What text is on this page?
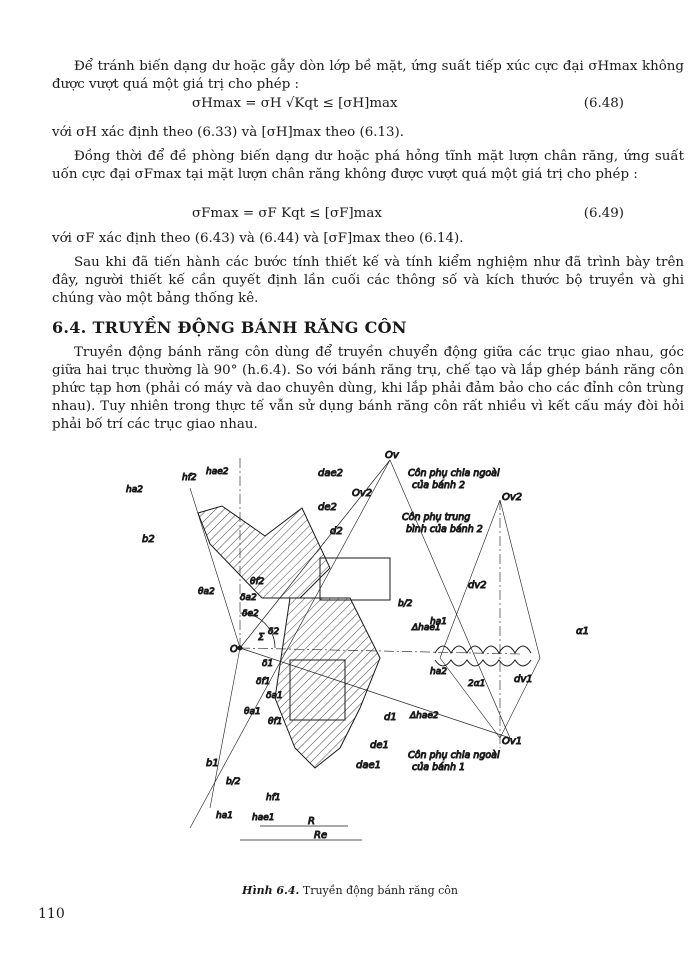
Để tránh biến dạng dư hoặc gẫy dòn lớp bề mặt, ứng suất tiếp xúc cực đại σHmax không được vượt quá một giá trị cho phép :

σHmax = σH √Kqt ≤ [σH]max	(6.48)

với σH xác định theo (6.33) và [σH]max theo (6.13).

Đồng thời để đề phòng biến dạng dư hoặc phá hỏng tĩnh mặt lượn chân răng, ứng suất uốn cực đại σFmax tại mặt lượn chân răng không được vượt quá một giá trị cho phép :

σFmax = σF Kqt ≤ [σF]max	(6.49)

với σF xác định theo (6.43) và (6.44) và [σF]max theo (6.14).

Sau khi đã tiến hành các bước tính thiết kế và tính kiểm nghiệm như đã trình bày trên đây, người thiết kế cần quyết định lần cuối các thông số và kích thước bộ truyền và ghi chúng vào một bảng thống kê.

6.4. TRUYỀN ĐỘNG BÁNH RĂNG CÔN

Truyền động bánh răng côn dùng để truyền chuyển động giữa các trục giao nhau, góc giữa hai trục thường là 90° (h.6.4). So với bánh răng trụ, chế tạo và lắp ghép bánh răng côn phức tạp hơn (phải có máy và dao chuyên dùng, khi lắp phải đảm bảo cho các đỉnh côn trùng nhau). Tuy nhiên trong thực tế vẫn sử dụng bánh răng côn rất nhiều vì kết cấu máy đòi hỏi phải bố trí các trục giao nhau.

Ov
Ov2	Ov2
Ov1
O
Côn phụ chia ngoài
của bánh 2
Côn phụ trung
bình của bánh 2
Côn phụ chia ngoài
của bánh 1
hae2
hf2
ha2
dae2
de2
d2
b2
θa2
θf2
δa2
δe2
δ2
Σ
δ1
δf1
δa1
θa1
θf1
b/2
Δhae1
Δhae2
ha1
ha2
dv2
dv1
d1
de1
dae1
b1
b/2
hf1
hae1
ha1	R
Re
α1
2α1
Hình 6.4. Truyền động bánh răng côn
110
